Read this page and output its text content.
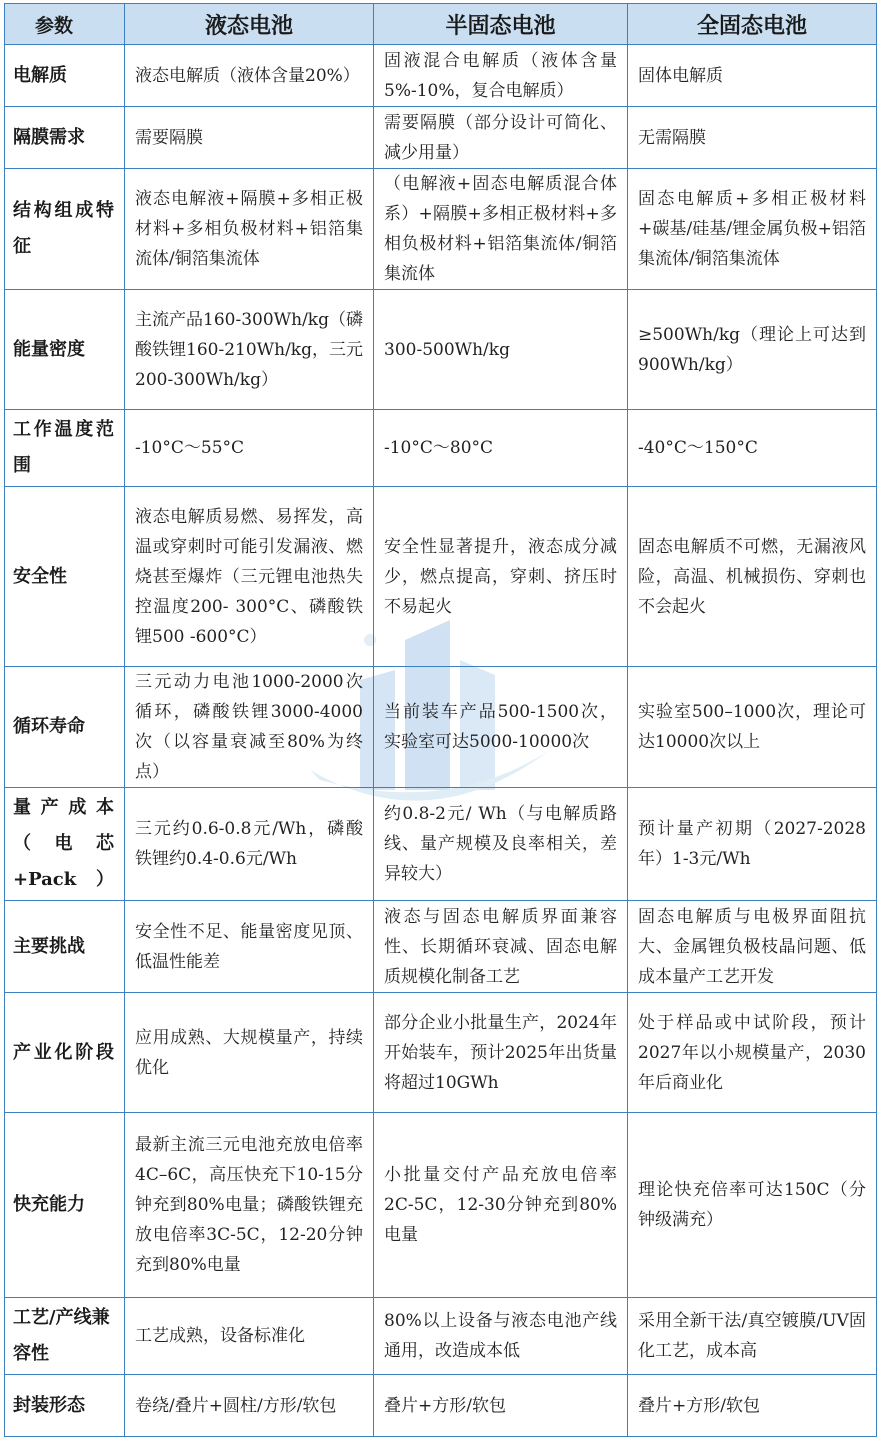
参数	液态电池	半固态电池	全固态电池
电解质	液态电解质（液体含量20%）	固液混合电解质（液体含量5%-10%，复合电解质）	固体电解质
隔膜需求	需要隔膜	需要隔膜（部分设计可简化、减少用量）	无需隔膜
结构组成特征	液态电解液+隔膜+多相正极材料+多相负极材料+铝箔集流体/铜箔集流体	（电解液+固态电解质混合体系）+隔膜+多相正极材料+多相负极材料+铝箔集流体/铜箔集流体	固态电解质+多相正极材料+碳基/硅基/锂金属负极+铝箔集流体/铜箔集流体
能量密度	主流产品160-300Wh/kg（磷酸铁锂160-210Wh/kg，三元200-300Wh/kg）	300-500Wh/kg	≥500Wh/kg（理论上可达到900Wh/kg）
工作温度范围	-10°C～55°C	-10°C～80°C	-40°C～150°C
安全性	液态电解质易燃、易挥发，高温或穿刺时可能引发漏液、燃烧甚至爆炸（三元锂电池热失控温度200- 300°C、磷酸铁锂500 -600°C）	安全性显著提升，液态成分减少，燃点提高，穿刺、挤压时不易起火	固态电解质不可燃，无漏液风险，高温、机械损伤、穿刺也不会起火
循环寿命	三元动力电池1000-2000次循环，磷酸铁锂3000-4000次（以容量衰减至80%为终点）	当前装车产品500-1500次，实验室可达5000-10000次	实验室500–1000次，理论可达10000次以上
量产成本（电芯+Pack）	三元约0.6-0.8元/Wh，磷酸铁锂约0.4-0.6元/Wh	约0.8-2元/ Wh（与电解质路线、量产规模及良率相关，差异较大）	预计量产初期（2027-2028年）1-3元/Wh
主要挑战	安全性不足、能量密度见顶、低温性能差	液态与固态电解质界面兼容性、长期循环衰减、固态电解质规模化制备工艺	固态电解质与电极界面阻抗大、金属锂负极枝晶问题、低成本量产工艺开发
产业化阶段	应用成熟、大规模量产，持续优化	部分企业小批量生产，2024年开始装车，预计2025年出货量将超过10GWh	处于样品或中试阶段，预计2027年以小规模量产，2030年后商业化
快充能力	最新主流三元电池充放电倍率4C–6C，高压快充下10-15分钟充到80%电量；磷酸铁锂充放电倍率3C-5C，12-20分钟充到80%电量	小批量交付产品充放电倍率2C-5C，12-30分钟充到80%电量	理论快充倍率可达150C（分钟级满充）
工艺/产线兼容性	工艺成熟，设备标准化	80%以上设备与液态电池产线通用，改造成本低	采用全新干法/真空镀膜/UV固化工艺，成本高
封装形态	卷绕/叠片+圆柱/方形/软包	叠片+方形/软包	叠片+方形/软包
